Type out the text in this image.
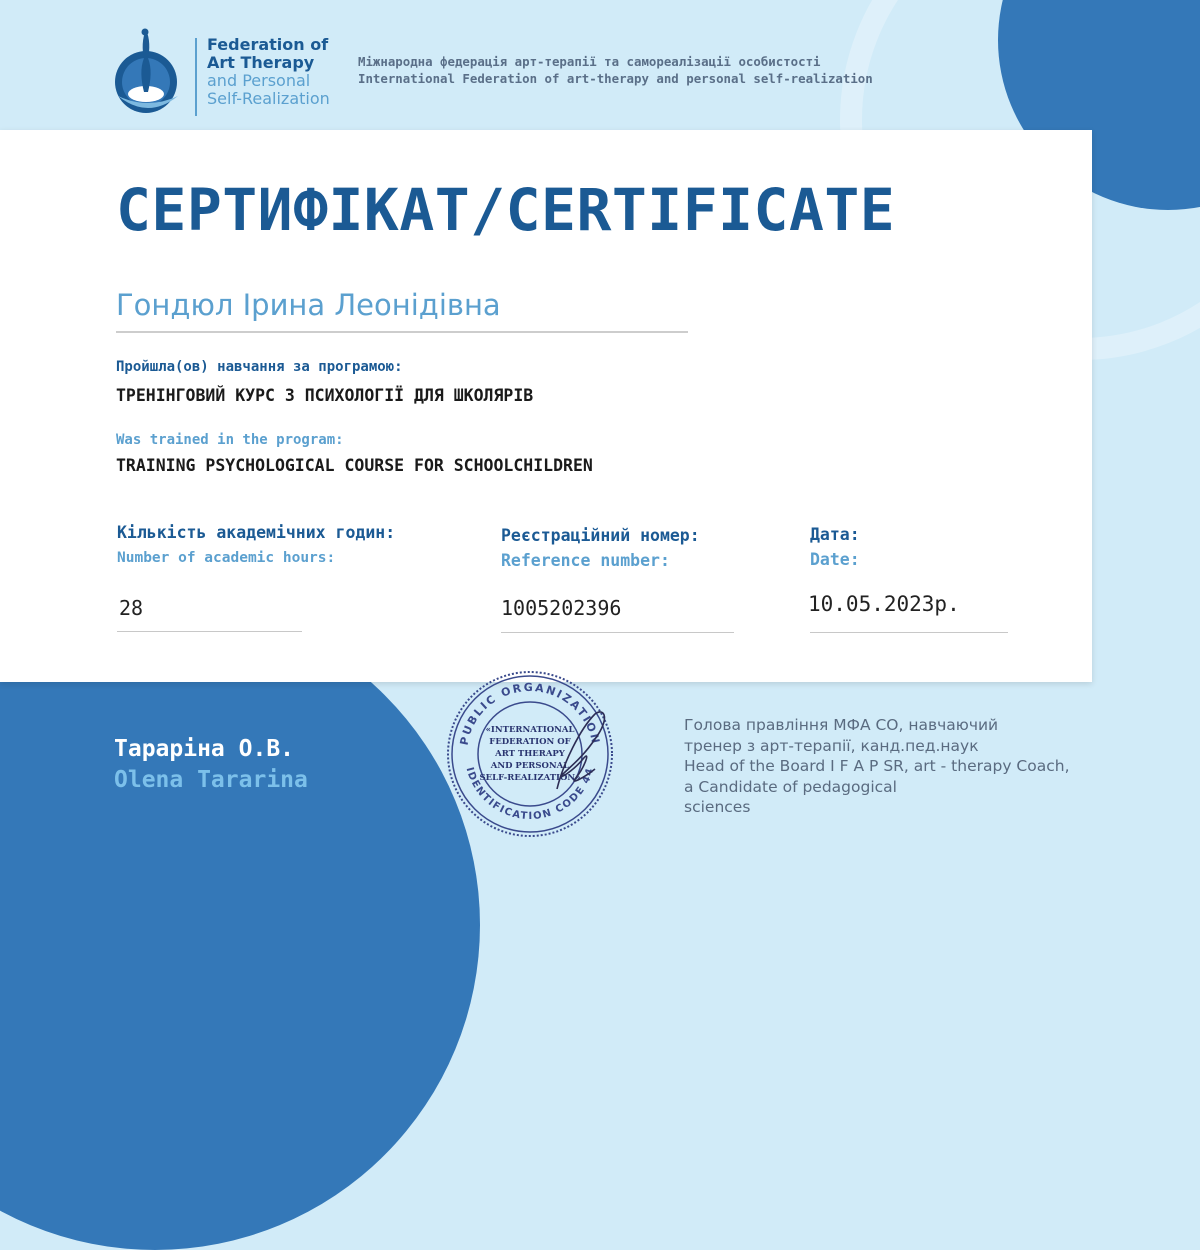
Federation of
Art Therapy
and Personal
Self-Realization
Міжнародна федерація арт-терапії та самореалізації особистості
International Federation of art-therapy and personal self-realization
СЕРТИФІКАТ/CERTIFICATE
Гондюл Ірина Леонідівна
Пройшла(ов) навчання за програмою:
ТРЕНІНГОВИЙ КУРС З ПСИХОЛОГІЇ ДЛЯ ШКОЛЯРІВ
Was trained in the program:
TRAINING PSYCHOLOGICAL COURSE FOR SCHOOLCHILDREN
Кількість академічних годин:
Number of academic hours:
28
Реєстраційний номер:
Reference number:
1005202396
Дата:
Date:
10.05.2023р.
Тараріна О.В.
Olena Tararina
PUBLIC ORGANIZATION
IDENTIFICATION CODE 44
«INTERNATIONAL
FEDERATION OF
ART THERAPY
AND PERSONAL
SELF-REALIZATION»
Голова правління МФА СО, навчаючий
тренер з арт-терапії, канд.пед.наук
Head of the Board I F A P SR, art - therapy Coach,
a Candidate of pedagogical
sciences
